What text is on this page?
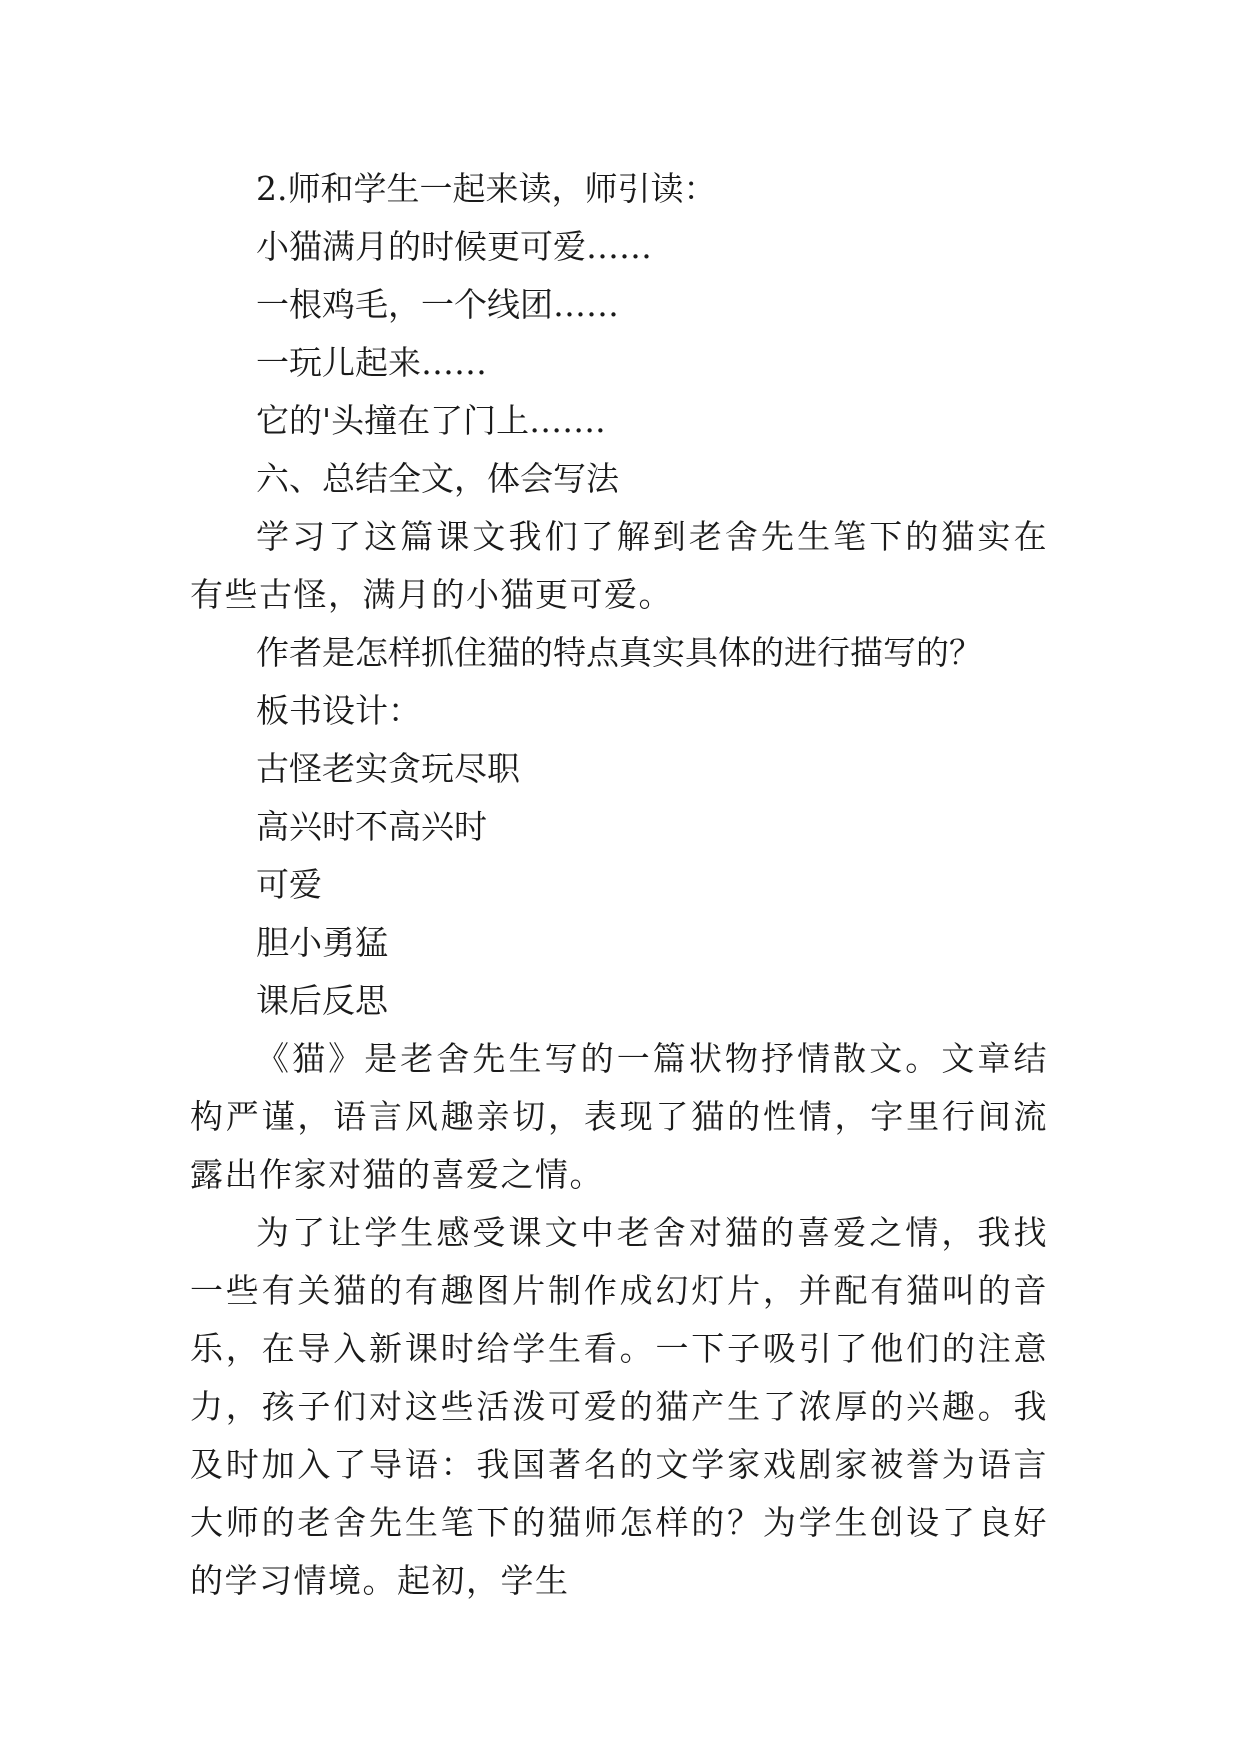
2.师和学生一起来读，师引读：
小猫满月的时候更可爱……
一根鸡毛，一个线团……
一玩儿起来……
它的'头撞在了门上…….
六、总结全文，体会写法
学习了这篇课文我们了解到老舍先生笔下的猫实在有些古怪，满月的小猫更可爱。
作者是怎样抓住猫的特点真实具体的进行描写的？
板书设计：
古怪老实贪玩尽职
高兴时不高兴时
可爱
胆小勇猛
课后反思
《猫》是老舍先生写的一篇状物抒情散文。文章结构严谨，语言风趣亲切，表现了猫的性情，字里行间流露出作家对猫的喜爱之情。
为了让学生感受课文中老舍对猫的喜爱之情，我找一些有关猫的有趣图片制作成幻灯片，并配有猫叫的音乐，在导入新课时给学生看。一下子吸引了他们的注意力，孩子们对这些活泼可爱的猫产生了浓厚的兴趣。我及时加入了导语：我国著名的文学家戏剧家被誉为语言大师的老舍先生笔下的猫师怎样的？为学生创设了良好的学习情境。起初，学生
